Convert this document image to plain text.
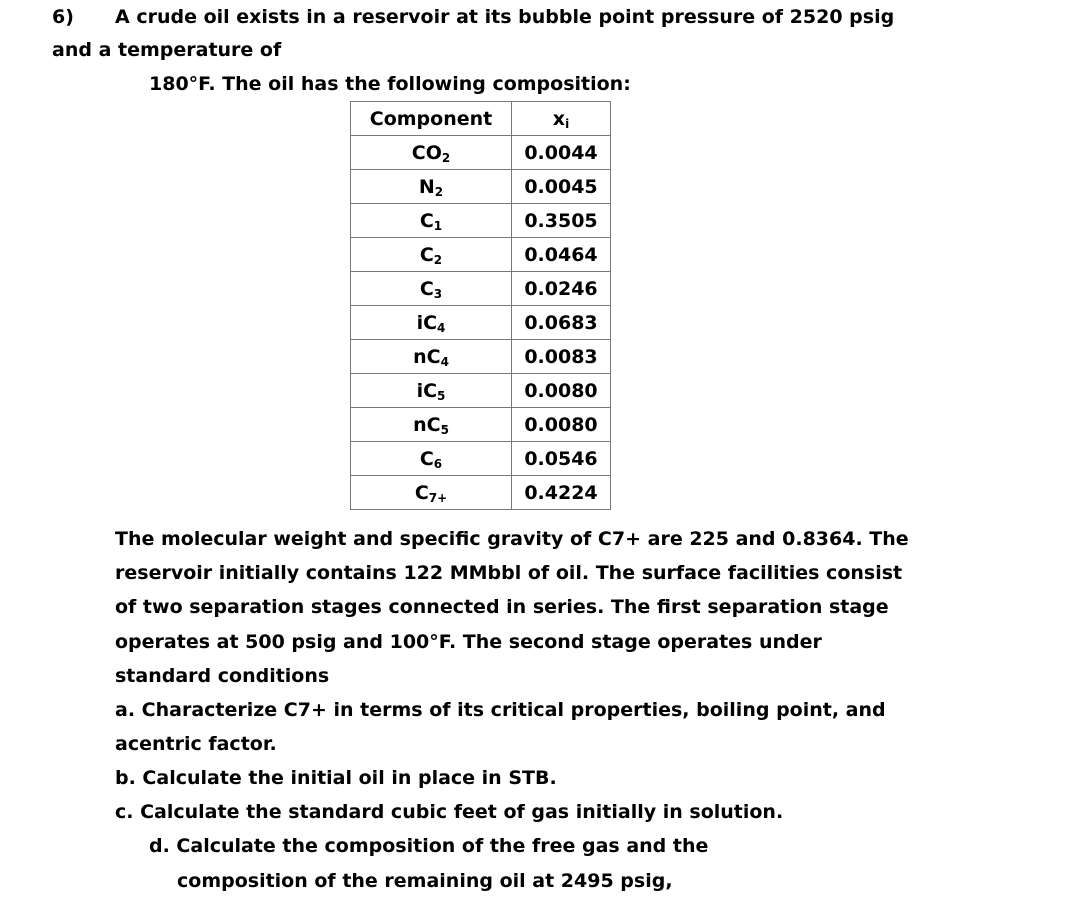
6) A crude oil exists in a reservoir at its bubble point pressure of 2520 psig
and a temperature of
180°F. The oil has the following composition:
Component	$x_i$
$CO_2$	0.0044
$N_2$	0.0045
$C_1$	0.3505
$C_2$	0.0464
$C_3$	0.0246
$iC_4$	0.0683
$nC_4$	0.0083
$iC_5$	0.0080
$nC_5$	0.0080
$C_6$	0.0546
$C_{7+}$	0.4224
The molecular weight and specific gravity of C7+ are 225 and 0.8364. The
reservoir initially contains 122 MMbbl of oil. The surface facilities consist
of two separation stages connected in series. The first separation stage
operates at 500 psig and 100°F. The second stage operates under
standard conditions
a. Characterize C7+ in terms of its critical properties, boiling point, and
acentric factor.
b. Calculate the initial oil in place in STB.
c. Calculate the standard cubic feet of gas initially in solution.
d. Calculate the composition of the free gas and the
composition of the remaining oil at 2495 psig,
